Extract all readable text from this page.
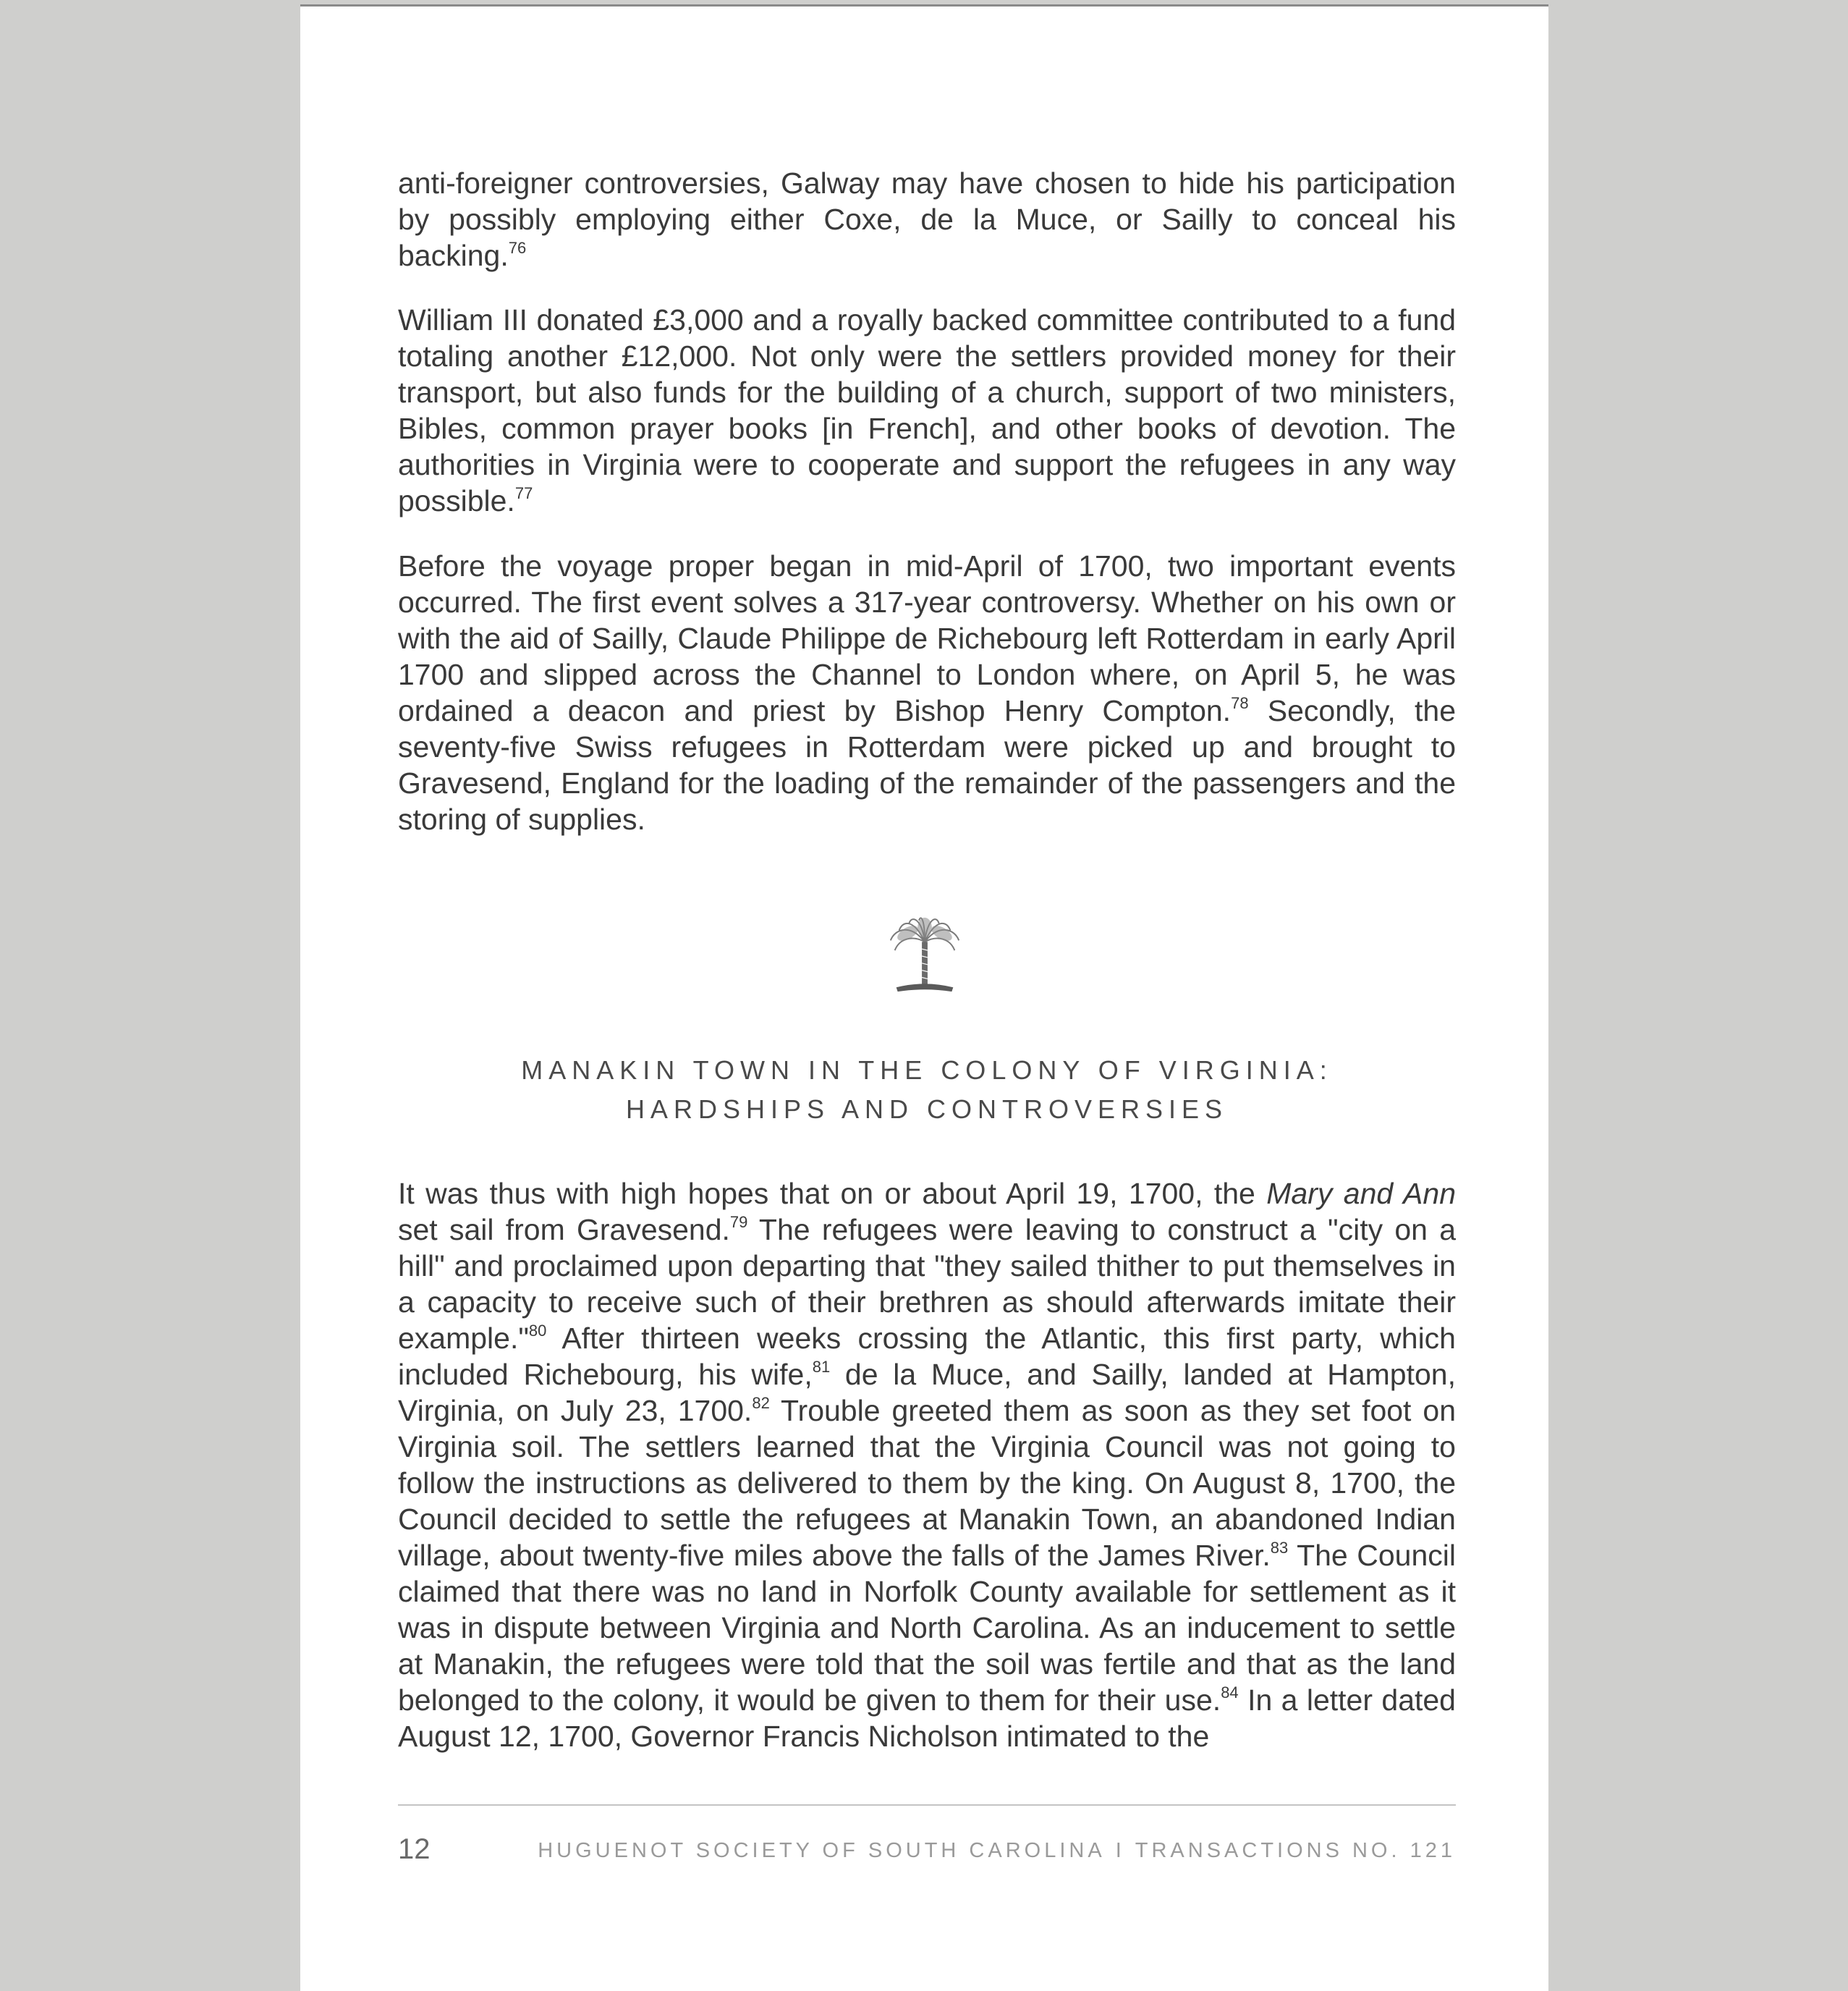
anti-foreigner controversies, Galway may have chosen to hide his participation by possibly employing either Coxe, de la Muce, or Sailly to conceal his backing.$^{76}$

William III donated £3,000 and a royally backed committee contributed to a fund totaling another £12,000. Not only were the settlers provided money for their transport, but also funds for the building of a church, support of two ministers, Bibles, common prayer books [in French], and other books of devotion. The authorities in Virginia were to cooperate and support the refugees in any way possible.$^{77}$

Before the voyage proper began in mid-April of 1700, two important events occurred. The first event solves a 317-year controversy. Whether on his own or with the aid of Sailly, Claude Philippe de Richebourg left Rotterdam in early April 1700 and slipped across the Channel to London where, on April 5, he was ordained a deacon and priest by Bishop Henry Compton.$^{78}$ Secondly, the seventy-five Swiss refugees in Rotterdam were picked up and brought to Gravesend, England for the loading of the remainder of the passengers and the storing of supplies.

MANAKIN TOWN IN THE COLONY OF VIRGINIA:

HARDSHIPS AND CONTROVERSIES

It was thus with high hopes that on or about April 19, 1700, the Mary and Ann set sail from Gravesend.$^{79}$ The refugees were leaving to construct a "city on a hill" and proclaimed upon departing that "they sailed thither to put themselves in a capacity to receive such of their brethren as should afterwards imitate their example."$^{80}$ After thirteen weeks crossing the Atlantic, this first party, which included Richebourg, his wife,$^{81}$ de la Muce, and Sailly, landed at Hampton, Virginia, on July 23, 1700.82 Trouble greeted them as soon as they set foot on Virginia soil. The settlers learned that the Virginia Council was not going to follow the instructions as delivered to them by the king. On August 8, 1700, the Council decided to settle the refugees at Manakin Town, an abandoned Indian village, about twenty-five miles above the falls of the James River.$^{83}$ The Council claimed that there was no land in Norfolk County available for settlement as it was in dispute between Virginia and North Carolina. As an inducement to settle at Manakin, the refugees were told that the soil was fertile and that as the land belonged to the colony, it would be given to them for their use.$^{84}$ In a letter dated August 12, 1700, Governor Francis Nicholson intimated to the

12	HUGUENOT SOCIETY OF SOUTH CAROLINA I TRANSACTIONS NO. 121
